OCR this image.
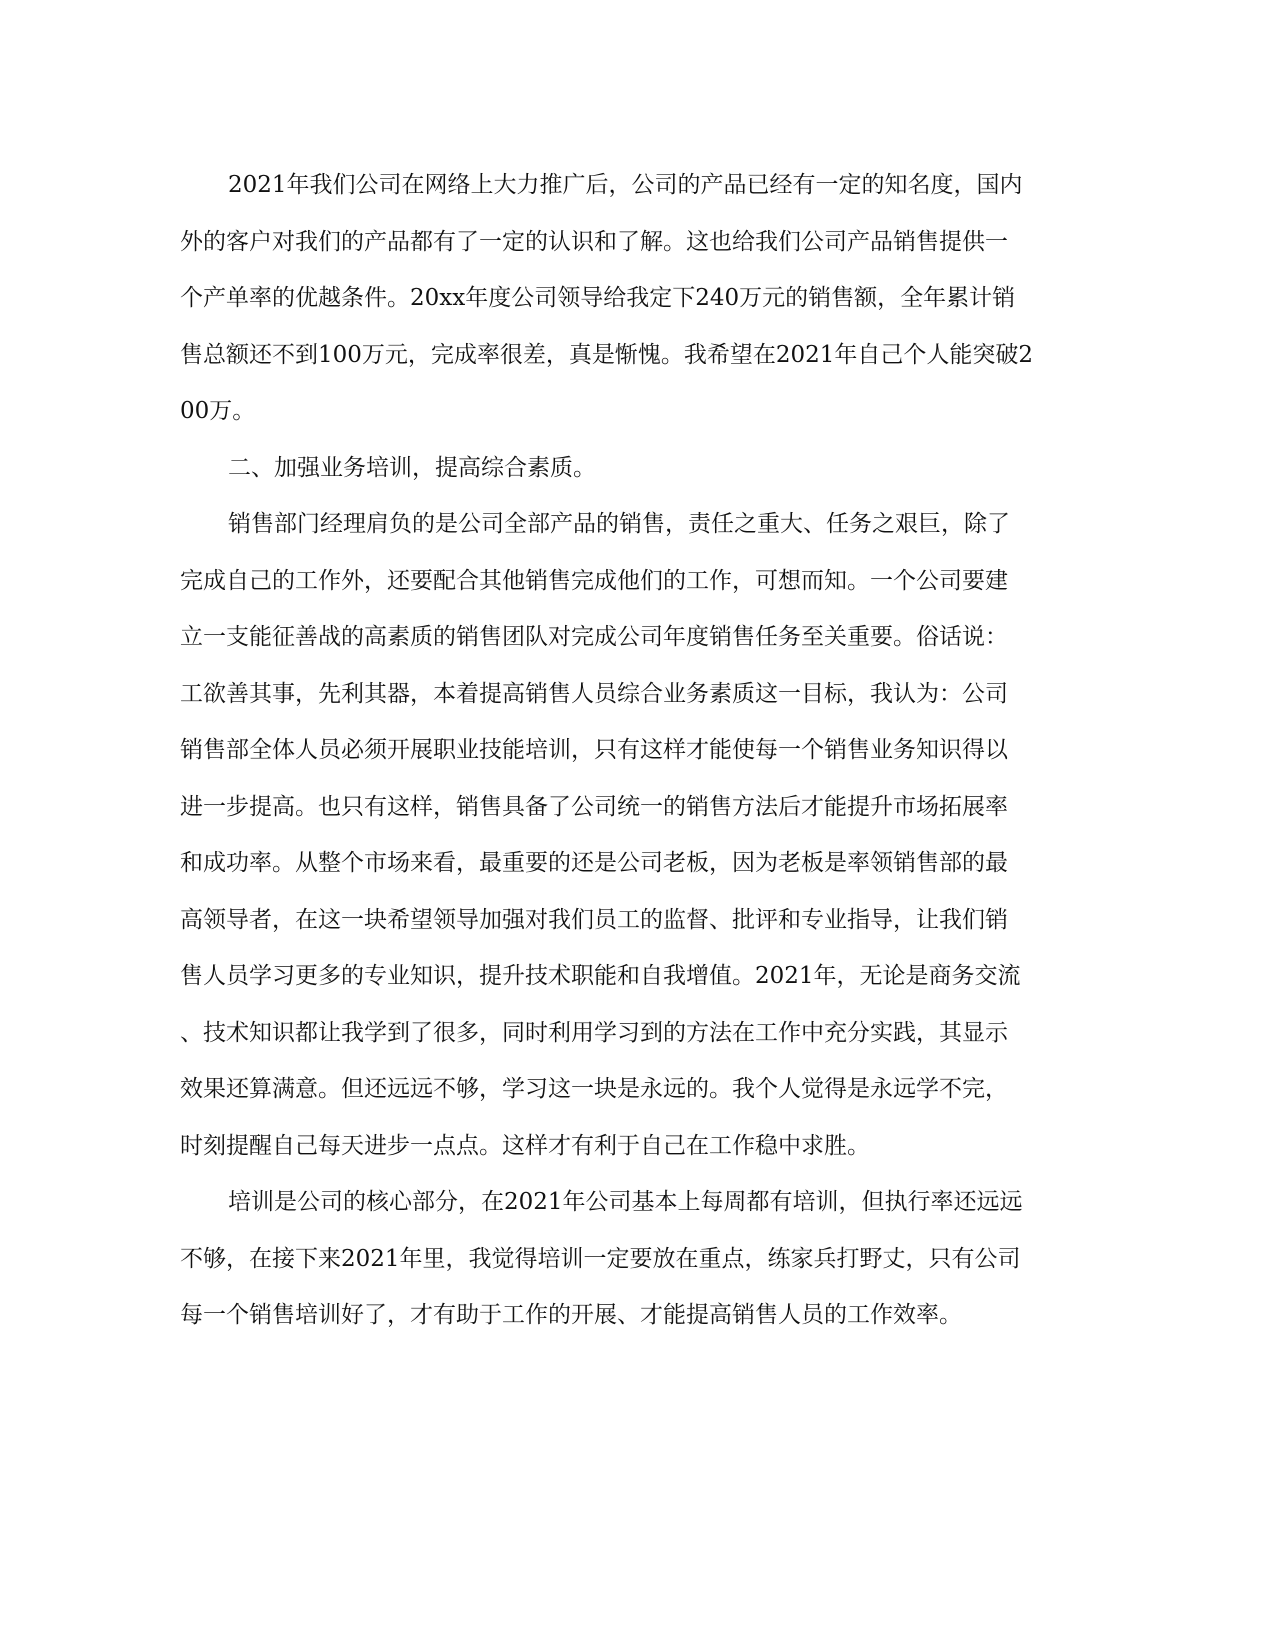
2021年我们公司在网络上大力推广后，公司的产品已经有一定的知名度，国内

外的客户对我们的产品都有了一定的认识和了解。这也给我们公司产品销售提供一

个产单率的优越条件。20xx年度公司领导给我定下240万元的销售额，全年累计销

售总额还不到100万元，完成率很差，真是惭愧。我希望在2021年自己个人能突破2

00万。

二、加强业务培训，提高综合素质。

销售部门经理肩负的是公司全部产品的销售，责任之重大、任务之艰巨，除了

完成自己的工作外，还要配合其他销售完成他们的工作，可想而知。一个公司要建

立一支能征善战的高素质的销售团队对完成公司年度销售任务至关重要。俗话说：

工欲善其事，先利其器，本着提高销售人员综合业务素质这一目标，我认为：公司

销售部全体人员必须开展职业技能培训，只有这样才能使每一个销售业务知识得以

进一步提高。也只有这样，销售具备了公司统一的销售方法后才能提升市场拓展率

和成功率。从整个市场来看，最重要的还是公司老板，因为老板是率领销售部的最

高领导者，在这一块希望领导加强对我们员工的监督、批评和专业指导，让我们销

售人员学习更多的专业知识，提升技术职能和自我增值。2021年，无论是商务交流

、技术知识都让我学到了很多，同时利用学习到的方法在工作中充分实践，其显示

效果还算满意。但还远远不够，学习这一块是永远的。我个人觉得是永远学不完，

时刻提醒自己每天进步一点点。这样才有利于自己在工作稳中求胜。

培训是公司的核心部分，在2021年公司基本上每周都有培训，但执行率还远远

不够，在接下来2021年里，我觉得培训一定要放在重点，练家兵打野丈，只有公司

每一个销售培训好了，才有助于工作的开展、才能提高销售人员的工作效率。
